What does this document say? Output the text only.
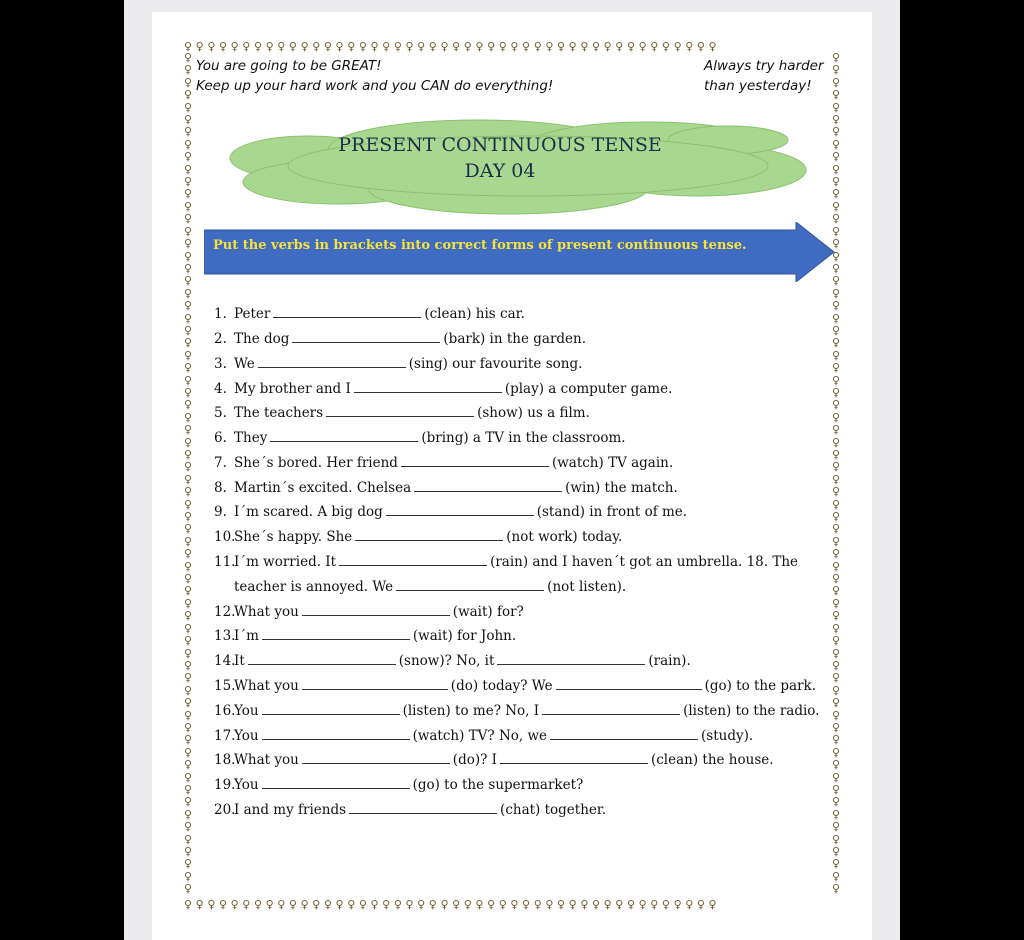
♀♀♀♀♀♀♀♀♀♀♀♀♀♀♀♀♀♀♀♀♀♀♀♀♀♀♀♀♀♀♀♀♀♀♀♀♀♀♀♀♀♀♀♀♀♀
♀♀♀♀♀♀♀♀♀♀♀♀♀♀♀♀♀♀♀♀♀♀♀♀♀♀♀♀♀♀♀♀♀♀♀♀♀♀♀♀♀♀♀♀♀♀
♀♀♀♀♀♀♀♀♀♀♀♀♀♀♀♀♀♀♀♀♀♀♀♀♀♀♀♀♀♀♀♀♀♀♀♀♀♀♀♀♀♀♀♀♀♀♀♀♀♀♀♀♀♀♀♀♀♀♀♀♀♀♀♀♀♀♀♀
♀♀♀♀♀♀♀♀♀♀♀♀♀♀♀♀♀♀♀♀♀♀♀♀♀♀♀♀♀♀♀♀♀♀♀♀♀♀♀♀♀♀♀♀♀♀♀♀♀♀♀♀♀♀♀♀♀♀♀♀♀♀♀♀♀♀♀♀
You are going to be GREAT!
Keep up your hard work and you CAN do everything!
Always try harder
than yesterday!
PRESENT CONTINUOUS TENSE
DAY 04
Put the verbs in brackets into correct forms of present continuous tense.
1. Peter	(clean) his car.
2. The dog	(bark) in the garden.
3. We	(sing) our favourite song.
4. My brother and I	(play) a computer game.
5. The teachers	(show) us a film.
6. They	(bring) a TV in the classroom.
7. She´s bored. Her friend	(watch) TV again.
8. Martin´s excited. Chelsea	(win) the match.
9. I´m scared. A big dog	(stand) in front of me.
10.She´s happy. She	(not work) today.
11.I´m worried. It	(rain) and I haven´t got an umbrella. 18. The
teacher is annoyed. We	(not listen).
12.What you	(wait) for?
13.I´m	(wait) for John.
14.It	(snow)? No, it	(rain).
15.What you	(do) today? We	(go) to the park.
16.You	(listen) to me? No, I	(listen) to the radio.
17.You	(watch) TV? No, we	(study).
18.What you	(do)? I	(clean) the house.
19.You	(go) to the supermarket?
20.I and my friends	(chat) together.
